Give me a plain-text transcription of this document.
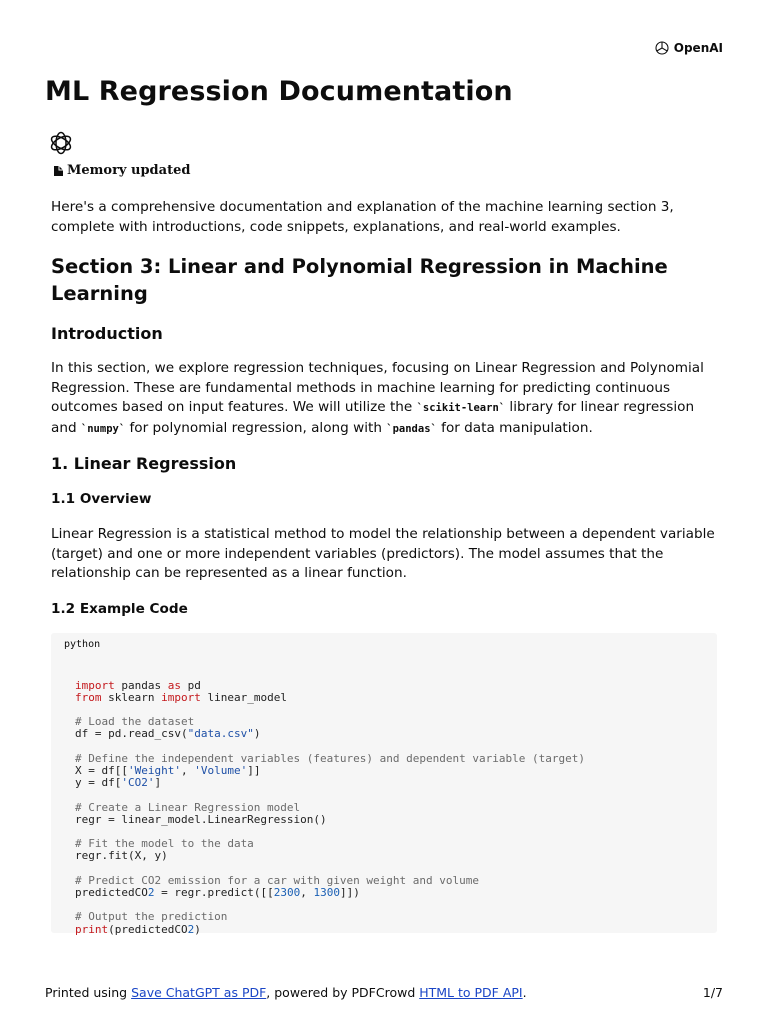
OpenAI
ML Regression Documentation
Memory updated

Here's a comprehensive documentation and explanation of the machine learning section 3, complete with introductions, code snippets, explanations, and real-world examples.

Section 3: Linear and Polynomial Regression in Machine Learning
Introduction

In this section, we explore regression techniques, focusing on Linear Regression and Polynomial Regression. These are fundamental methods in machine learning for predicting continuous outcomes based on input features. We will utilize the `scikit-learn` library for linear regression and `numpy` for polynomial regression, along with `pandas` for data manipulation.

1. Linear Regression
1.1 Overview

Linear Regression is a statistical method to model the relationship between a dependent variable (target) and one or more independent variables (predictors). The model assumes that the relationship can be represented as a linear function.

1.2 Example Code
python
import pandas as pd
from sklearn import linear_model

# Load the dataset
df = pd.read_csv("data.csv")

# Define the independent variables (features) and dependent variable (target)
X = df[['Weight', 'Volume']]
y = df['CO2']

# Create a Linear Regression model
regr = linear_model.LinearRegression()

# Fit the model to the data
regr.fit(X, y)

# Predict CO2 emission for a car with given weight and volume
predictedCO2 = regr.predict([[2300, 1300]])

# Output the prediction
print(predictedCO2)
Printed using Save ChatGPT as PDF, powered by PDFCrowd HTML to PDF API.	1/7
